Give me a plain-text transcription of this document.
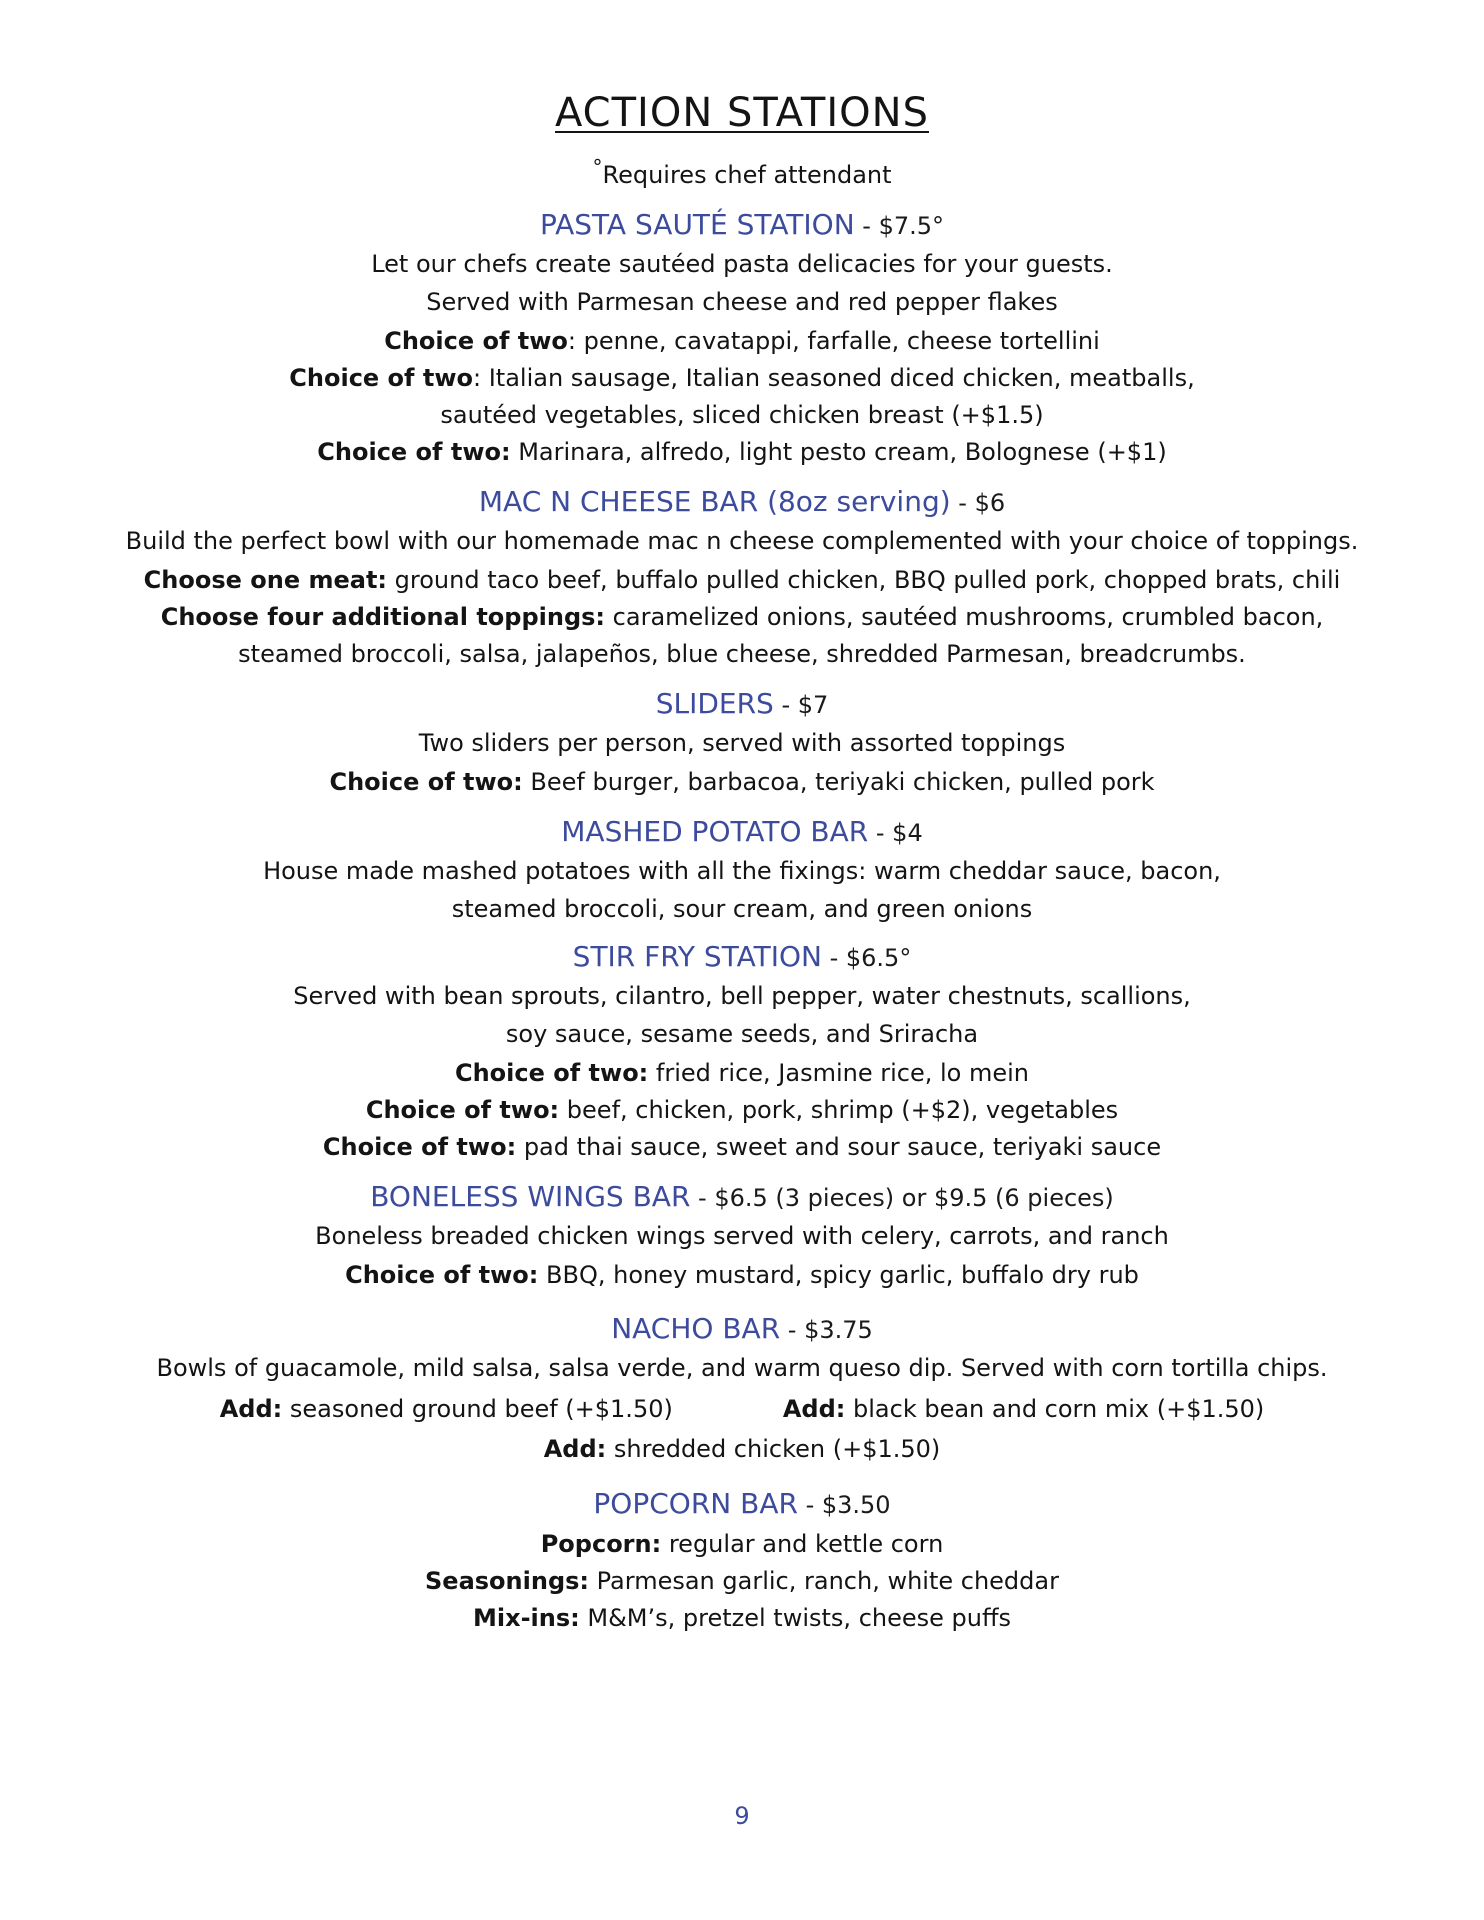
ACTION STATIONS
°Requires chef attendant
PASTA SAUTÉ STATION - $7.5°
Let our chefs create sautéed pasta delicacies for your guests.
Served with Parmesan cheese and red pepper flakes
Choice of two: penne, cavatappi, farfalle, cheese tortellini
Choice of two: Italian sausage, Italian seasoned diced chicken, meatballs,
sautéed vegetables, sliced chicken breast (+$1.5)
Choice of two: Marinara, alfredo, light pesto cream, Bolognese (+$1)
MAC N CHEESE BAR (8oz serving) - $6
Build the perfect bowl with our homemade mac n cheese complemented with your choice of toppings.
Choose one meat: ground taco beef, buffalo pulled chicken, BBQ pulled pork, chopped brats, chili
Choose four additional toppings: caramelized onions, sautéed mushrooms, crumbled bacon,
steamed broccoli, salsa, jalapeños, blue cheese, shredded Parmesan, breadcrumbs.
SLIDERS - $7
Two sliders per person, served with assorted toppings
Choice of two: Beef burger, barbacoa, teriyaki chicken, pulled pork
MASHED POTATO BAR - $4
House made mashed potatoes with all the fixings: warm cheddar sauce, bacon,
steamed broccoli, sour cream, and green onions
STIR FRY STATION - $6.5°
Served with bean sprouts, cilantro, bell pepper, water chestnuts, scallions,
soy sauce, sesame seeds, and Sriracha
Choice of two: fried rice, Jasmine rice, lo mein
Choice of two: beef, chicken, pork, shrimp (+$2), vegetables
Choice of two: pad thai sauce, sweet and sour sauce, teriyaki sauce
BONELESS WINGS BAR - $6.5 (3 pieces) or $9.5 (6 pieces)
Boneless breaded chicken wings served with celery, carrots, and ranch
Choice of two: BBQ, honey mustard, spicy garlic, buffalo dry rub
NACHO BAR - $3.75
Bowls of guacamole, mild salsa, salsa verde, and warm queso dip. Served with corn tortilla chips.
Add: seasoned ground beef (+$1.50)	Add: black bean and corn mix (+$1.50)
Add: shredded chicken (+$1.50)
POPCORN BAR - $3.50
Popcorn: regular and kettle corn
Seasonings: Parmesan garlic, ranch, white cheddar
Mix-ins: M&M’s, pretzel twists, cheese puffs
9
